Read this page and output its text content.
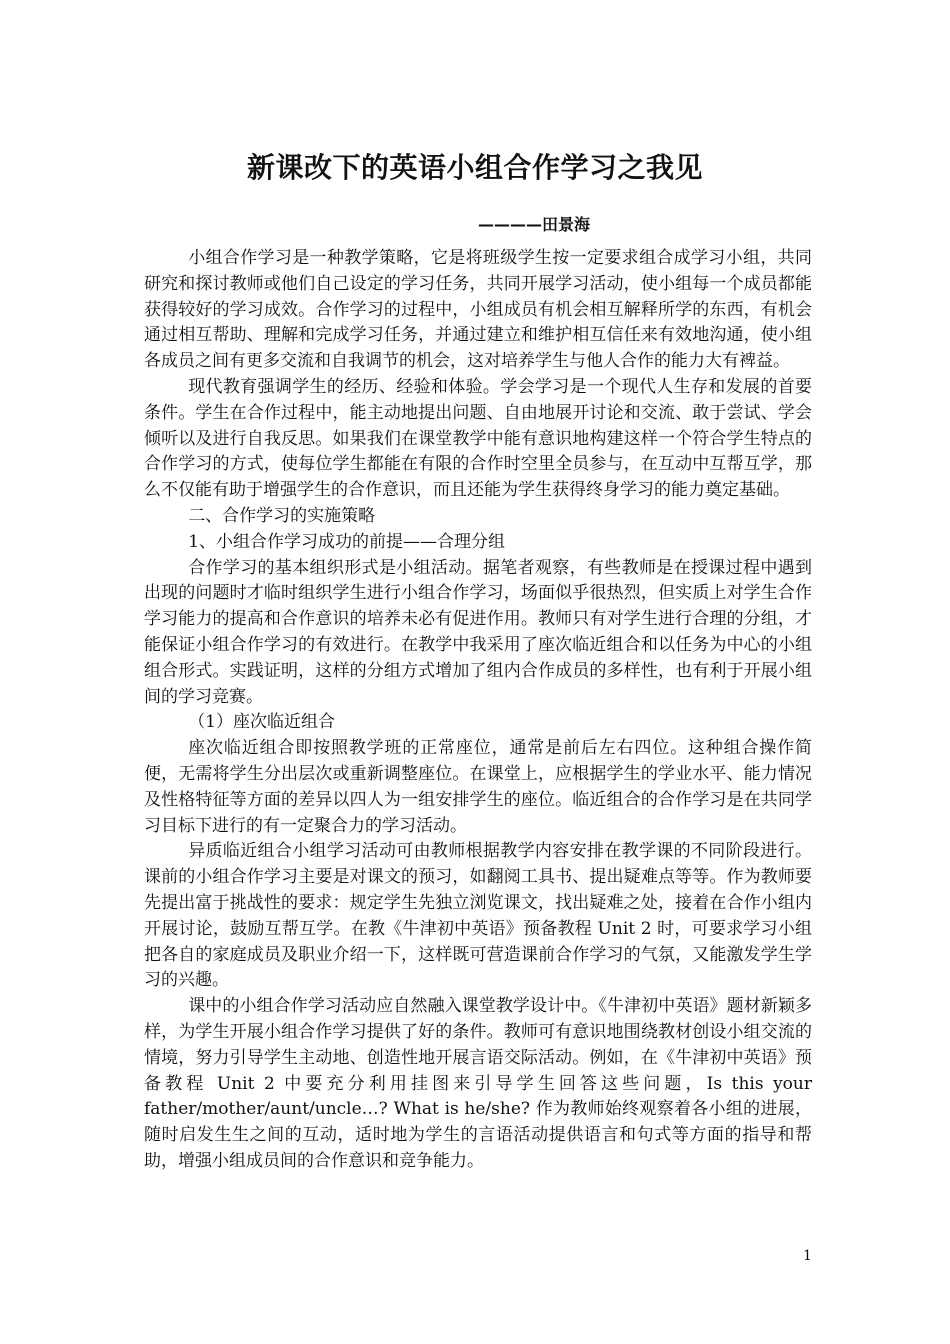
新课改下的英语小组合作学习之我见
————田景海

小组合作学习是一种教学策略，它是将班级学生按一定要求组合成学习小组，共同研究和探讨教师或他们自己设定的学习任务，共同开展学习活动，使小组每一个成员都能获得较好的学习成效。合作学习的过程中，小组成员有机会相互解释所学的东西，有机会通过相互帮助、理解和完成学习任务，并通过建立和维护相互信任来有效地沟通，使小组各成员之间有更多交流和自我调节的机会，这对培养学生与他人合作的能力大有裨益。

现代教育强调学生的经历、经验和体验。学会学习是一个现代人生存和发展的首要条件。学生在合作过程中，能主动地提出问题、自由地展开讨论和交流、敢于尝试、学会倾听以及进行自我反思。如果我们在课堂教学中能有意识地构建这样一个符合学生特点的合作学习的方式，使每位学生都能在有限的合作时空里全员参与，在互动中互帮互学，那么不仅能有助于增强学生的合作意识，而且还能为学生获得终身学习的能力奠定基础。

二、合作学习的实施策略

1、小组合作学习成功的前提——合理分组

合作学习的基本组织形式是小组活动。据笔者观察，有些教师是在授课过程中遇到出现的问题时才临时组织学生进行小组合作学习，场面似乎很热烈，但实质上对学生合作学习能力的提高和合作意识的培养未必有促进作用。教师只有对学生进行合理的分组，才能保证小组合作学习的有效进行。在教学中我采用了座次临近组合和以任务为中心的小组组合形式。实践证明，这样的分组方式增加了组内合作成员的多样性，也有利于开展小组间的学习竞赛。

（1）座次临近组合

座次临近组合即按照教学班的正常座位，通常是前后左右四位。这种组合操作简便，无需将学生分出层次或重新调整座位。在课堂上，应根据学生的学业水平、能力情况及性格特征等方面的差异以四人为一组安排学生的座位。临近组合的合作学习是在共同学习目标下进行的有一定聚合力的学习活动。

异质临近组合小组学习活动可由教师根据教学内容安排在教学课的不同阶段进行。课前的小组合作学习主要是对课文的预习，如翻阅工具书、提出疑难点等等。作为教师要先提出富于挑战性的要求：规定学生先独立浏览课文，找出疑难之处，接着在合作小组内开展讨论，鼓励互帮互学。在教《牛津初中英语》预备教程 Unit 2 时，可要求学习小组把各自的家庭成员及职业介绍一下，这样既可营造课前合作学习的气氛，又能激发学生学习的兴趣。

课中的小组合作学习活动应自然融入课堂教学设计中。《牛津初中英语》题材新颖多样，为学生开展小组合作学习提供了好的条件。教师可有意识地围绕教材创设小组交流的情境，努力引导学生主动地、创造性地开展言语交际活动。例如，在《牛津初中英语》预备教程 Unit 2 中要充分利用挂图来引导学生回答这些问题，Is this your father/mother/aunt/uncle…? What is he/she? 作为教师始终观察着各小组的进展，随时启发生生之间的互动，适时地为学生的言语活动提供语言和句式等方面的指导和帮助，增强小组成员间的合作意识和竞争能力。

1
